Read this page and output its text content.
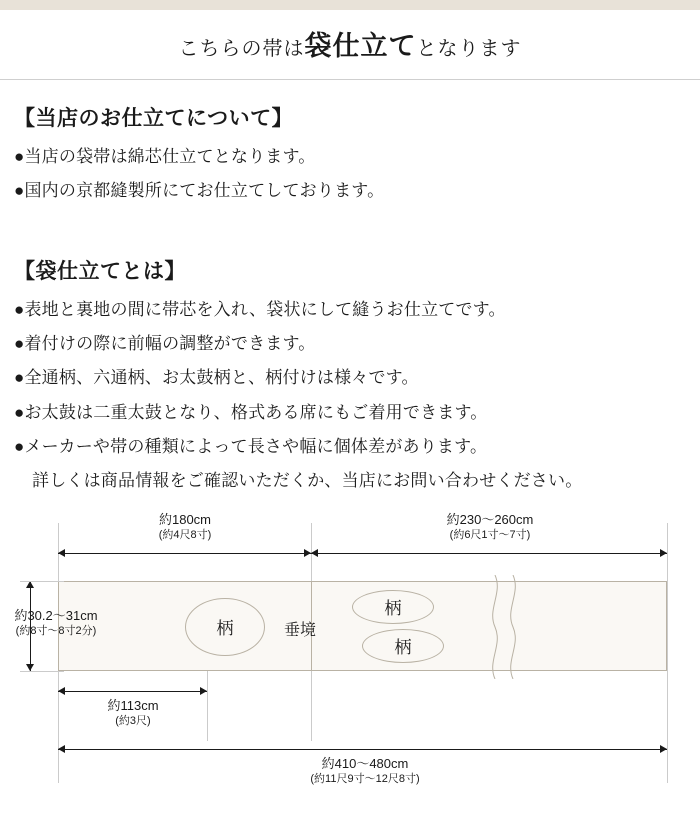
こちらの帯は袋仕立てとなります
【当店のお仕立てについて】
●当店の袋帯は綿芯仕立てとなります。
●国内の京都縫製所にてお仕立てしております。
【袋仕立てとは】
●表地と裏地の間に帯芯を入れ、袋状にして縫うお仕立てです。
●着付けの際に前幅の調整ができます。
●全通柄、六通柄、お太鼓柄と、柄付けは様々です。
●お太鼓は二重太鼓となり、格式ある席にもご着用できます。
●メーカーや帯の種類によって長さや幅に個体差があります。
詳しくは商品情報をご確認いただくか、当店にお問い合わせください。
約180cm
(約4尺8寸)
約230〜260cm
(約6尺1寸〜7寸)
柄
柄
柄
垂境
約30.2〜31cm
(約8寸〜8寸2分)
約113cm
(約3尺)
約410〜480cm
(約11尺9寸〜12尺8寸)
